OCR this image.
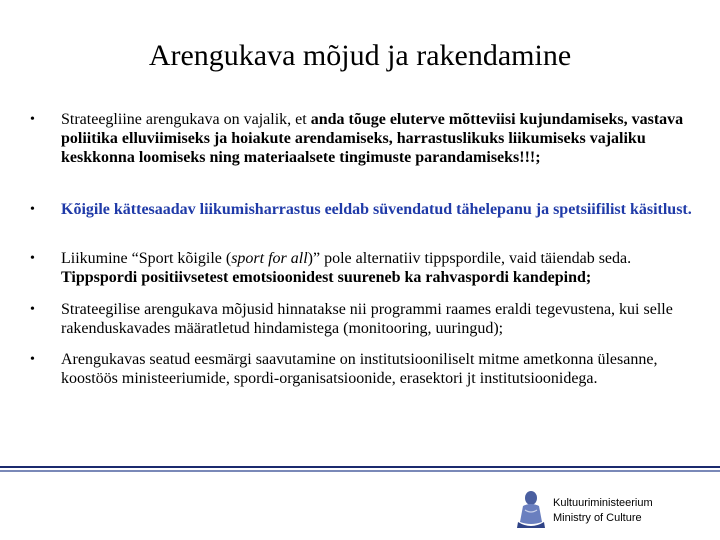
Arengukava mõjud ja rakendamine
• Strateegliine arengukava on vajalik, et anda tõuge eluterve mõtteviisi kujundamiseks, vastava poliitika elluviimiseks ja hoiakute arendamiseks, harrastuslikuks liikumiseks vajaliku keskkonna loomiseks ning materiaalsete tingimuste parandamiseks!!!;
• Kõigile kättesaadav liikumisharrastus eeldab süvendatud tähelepanu ja spetsiifilist käsitlust.
• Liikumine “Sport kõigile (sport for all)” pole alternatiiv tippspordile, vaid täiendab seda. Tippspordi positiivsetest emotsioonidest suureneb ka rahvaspordi kandepind;
• Strateegilise arengukava mõjusid hinnatakse nii programmi raames eraldi tegevustena, kui selle rakenduskavades määratletud hindamistega (monitooring, uuringud);
• Arengukavas seatud eesmärgi saavutamine on institutsiooniliselt mitme ametkonna ülesanne, koostöös ministeeriumide, spordi-organisatsioonide, erasektori jt institutsioonidega.
Kultuuriministeerium
Ministry of Culture
